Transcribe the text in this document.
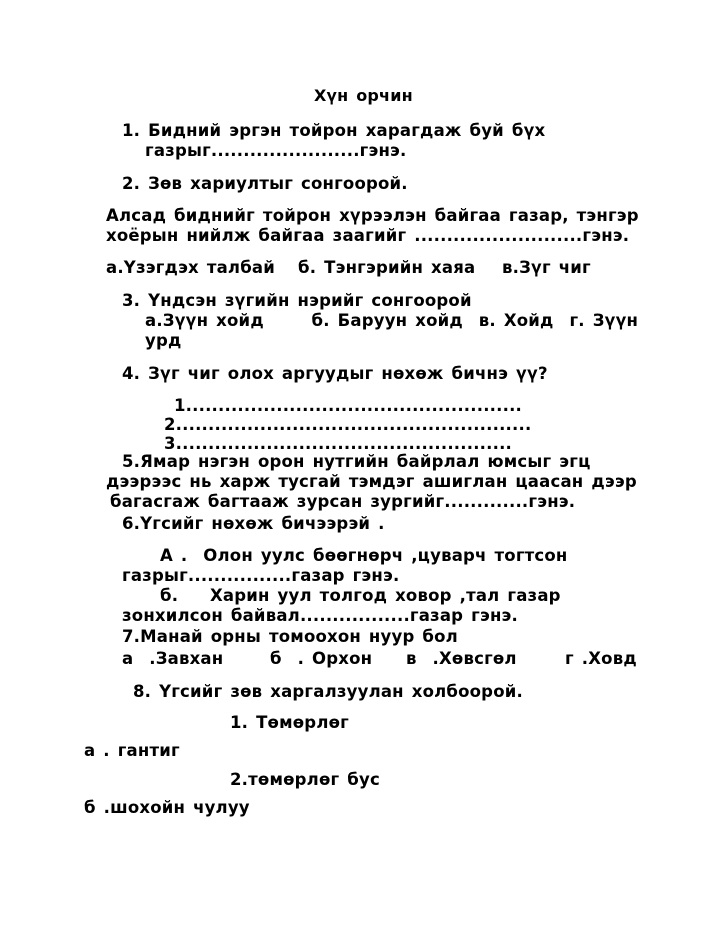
Хүн орчин
1. Бидний эргэн тойрон харагдаж буй бүх
газрыг.......................гэнэ.
2. Зөв хариултыг сонгоорой.
Алсад биднийг тойрон хүрээлэн байгаа газар, тэнгэр
хоёрын нийлж байгаа заагийг ..........................гэнэ.
а.Үзэгдэх талбай б. Тэнгэрийн хаяа в.Зүг чиг
3. Үндсэн зүгийн нэрийг сонгоорой
а.Зүүн хойд      б. Баруун хойд  в. Хойд  г. Зүүн
урд
4. Зүг чиг олох аргуудыг нөхөж бичнэ үү?
1....................................................
2.......................................................
3....................................................
5.Ямар нэгэн орон нутгийн байрлал юмсыг эгц
дээрээс нь харж тусгай тэмдэг ашиглан цаасан дээр
багасгаж багтааж зурсан зургийг.............гэнэ.
6.Үгсийг нөхөж бичээрэй .
А .  Олон уулс бөөгнөрч ,цуварч тогтсон
газрыг................газар гэнэ.
б.    Харин уул толгод ховор ,тал газар
зонхилсон байвал.................газар гэнэ.
7.Манай орны томоохон нуур бол
а  .Завхан	б  . Орхон в  .Хөвсгөл	г .Ховд
8. Үгсийг зөв харгалзуулан холбоорой.
1. Төмөрлөг
а . гантиг
2.төмөрлөг бус
б .шохойн чулуу
